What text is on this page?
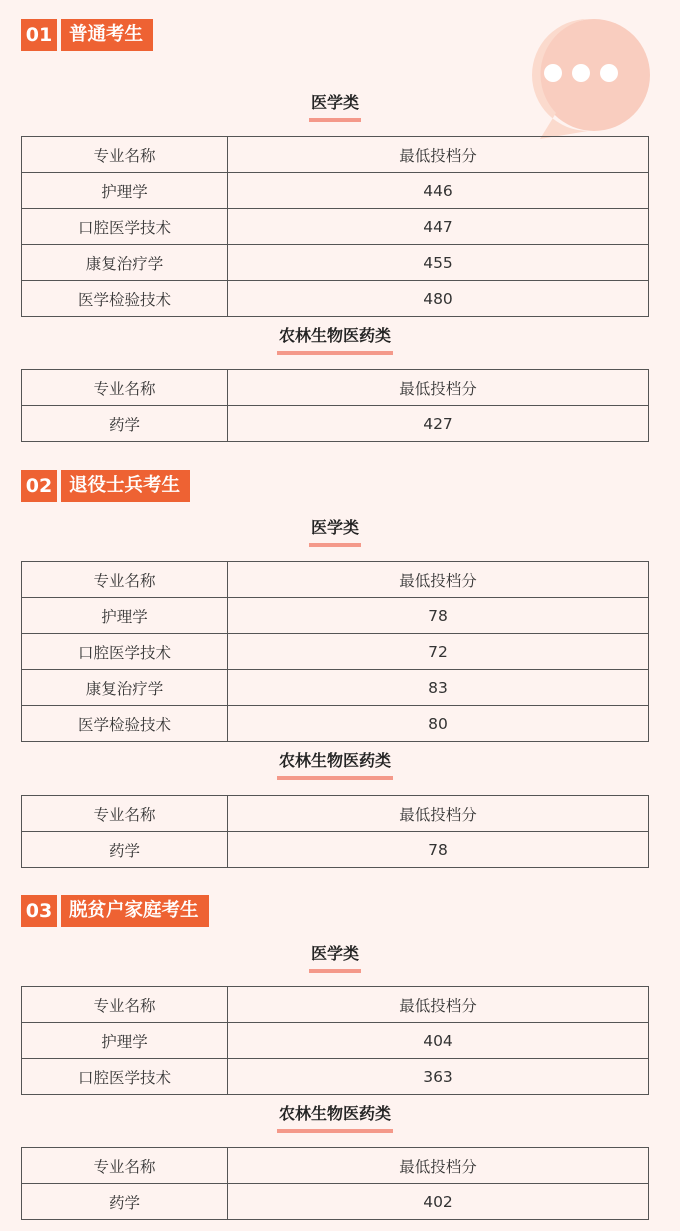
01 普通考生
医学类
专业名称	最低投档分
护理学	446
口腔医学技术	447
康复治疗学	455
医学检验技术	480
农林生物医药类
专业名称	最低投档分
药学	427
02 退役士兵考生
医学类
专业名称	最低投档分
护理学	78
口腔医学技术	72
康复治疗学	83
医学检验技术	80
农林生物医药类
专业名称	最低投档分
药学	78
03 脱贫户家庭考生
医学类
专业名称	最低投档分
护理学	404
口腔医学技术	363
农林生物医药类
专业名称	最低投档分
药学	402
